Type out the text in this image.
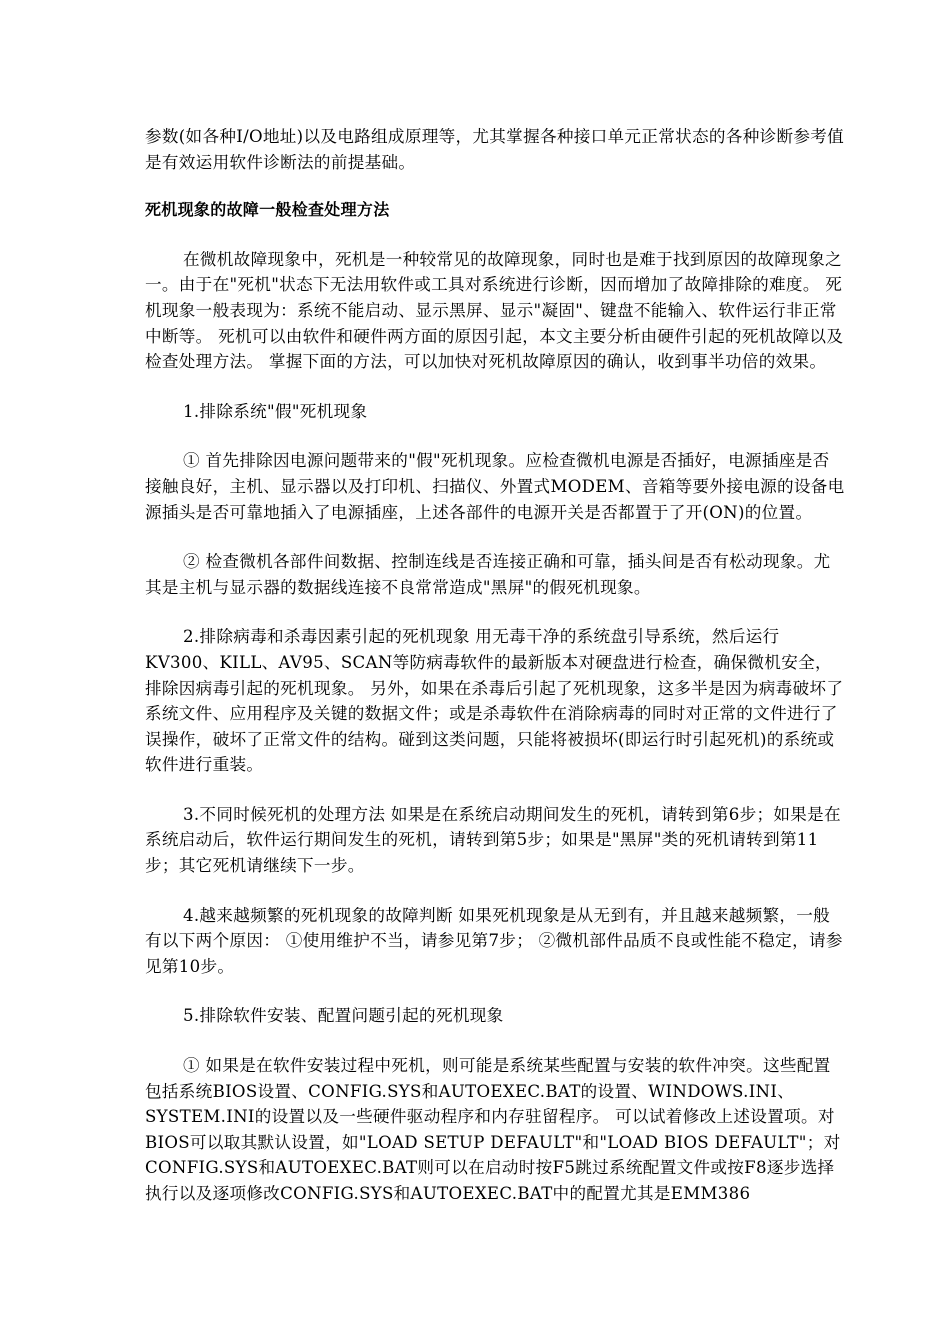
参数(如各种I/O地址)以及电路组成原理等，尤其掌握各种接口单元正常状态的各种诊断参考值是有效运用软件诊断法的前提基础。

死机现象的故障一般检查处理方法

在微机故障现象中，死机是一种较常见的故障现象，同时也是难于找到原因的故障现象之一。由于在"死机"状态下无法用软件或工具对系统进行诊断，因而增加了故障排除的难度。 死机现象一般表现为：系统不能启动、显示黑屏、显示"凝固"、键盘不能输入、软件运行非正常中断等。 死机可以由软件和硬件两方面的原因引起，本文主要分析由硬件引起的死机故障以及检查处理方法。 掌握下面的方法，可以加快对死机故障原因的确认，收到事半功倍的效果。

1.排除系统"假"死机现象

① 首先排除因电源问题带来的"假"死机现象。应检查微机电源是否插好，电源插座是否接触良好，主机、显示器以及打印机、扫描仪、外置式MODEM、音箱等要外接电源的设备电源插头是否可靠地插入了电源插座，上述各部件的电源开关是否都置于了开(ON)的位置。

② 检查微机各部件间数据、控制连线是否连接正确和可靠，插头间是否有松动现象。尤其是主机与显示器的数据线连接不良常常造成"黑屏"的假死机现象。

2.排除病毒和杀毒因素引起的死机现象 用无毒干净的系统盘引导系统，然后运行KV300、KILL、AV95、SCAN等防病毒软件的最新版本对硬盘进行检查，确保微机安全，排除因病毒引起的死机现象。 另外，如果在杀毒后引起了死机现象，这多半是因为病毒破坏了系统文件、应用程序及关键的数据文件；或是杀毒软件在消除病毒的同时对正常的文件进行了误操作，破坏了正常文件的结构。碰到这类问题，只能将被损坏(即运行时引起死机)的系统或软件进行重装。

3.不同时候死机的处理方法 如果是在系统启动期间发生的死机，请转到第6步；如果是在系统启动后，软件运行期间发生的死机，请转到第5步；如果是"黑屏"类的死机请转到第11步；其它死机请继续下一步。

4.越来越频繁的死机现象的故障判断 如果死机现象是从无到有，并且越来越频繁，一般有以下两个原因： ①使用维护不当，请参见第7步； ②微机部件品质不良或性能不稳定，请参见第10步。

5.排除软件安装、配置问题引起的死机现象

① 如果是在软件安装过程中死机，则可能是系统某些配置与安装的软件冲突。这些配置包括系统BIOS设置、CONFIG.SYS和AUTOEXEC.BAT的设置、WINDOWS.INI、SYSTEM.INI的设置以及一些硬件驱动程序和内存驻留程序。 可以试着修改上述设置项。对BIOS可以取其默认设置，如"LOAD SETUP DEFAULT"和"LOAD BIOS DEFAULT"；对CONFIG.SYS和AUTOEXEC.BAT则可以在启动时按F5跳过系统配置文件或按F8逐步选择执行以及逐项修改CONFIG.SYS和AUTOEXEC.BAT中的配置尤其是EMM386
